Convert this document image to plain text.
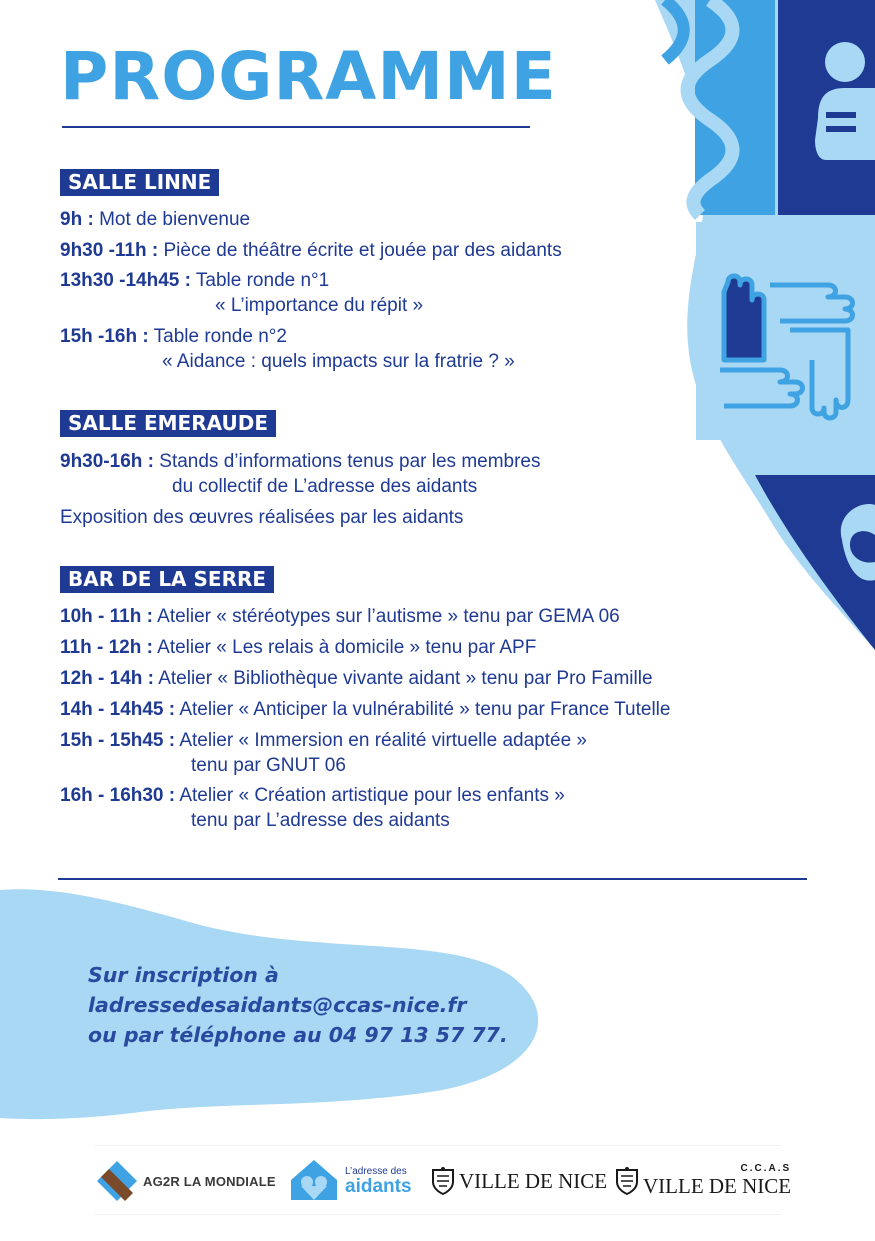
PROGRAMME
SALLE LINNE
9h : Mot de bienvenue
9h30 -11h : Pièce de théâtre écrite et jouée par des aidants
13h30 -14h45 : Table ronde n°1
« L’importance du répit »
15h -16h : Table ronde n°2
« Aidance : quels impacts sur la fratrie ? »
SALLE EMERAUDE
9h30-16h : Stands d’informations tenus par les membres
du collectif de L’adresse des aidants
Exposition des œuvres réalisées par les aidants
BAR DE LA SERRE
10h - 11h : Atelier « stéréotypes sur l’autisme » tenu par GEMA 06
11h - 12h : Atelier « Les relais à domicile » tenu par APF
12h - 14h : Atelier « Bibliothèque vivante aidant » tenu par Pro Famille
14h - 14h45 : Atelier « Anticiper la vulnérabilité » tenu par France Tutelle
15h - 15h45 : Atelier « Immersion en réalité virtuelle adaptée »
tenu par GNUT 06
16h - 16h30 : Atelier « Création artistique pour les enfants »
tenu par L’adresse des aidants
Sur inscription à
ladressedesaidants@ccas-nice.fr
ou par téléphone au 04 97 13 57 77.
AG2R LA MONDIALE
L’adresse des
aidants VILLE DE NICE	C.C.A.S
VILLE DE NICE
